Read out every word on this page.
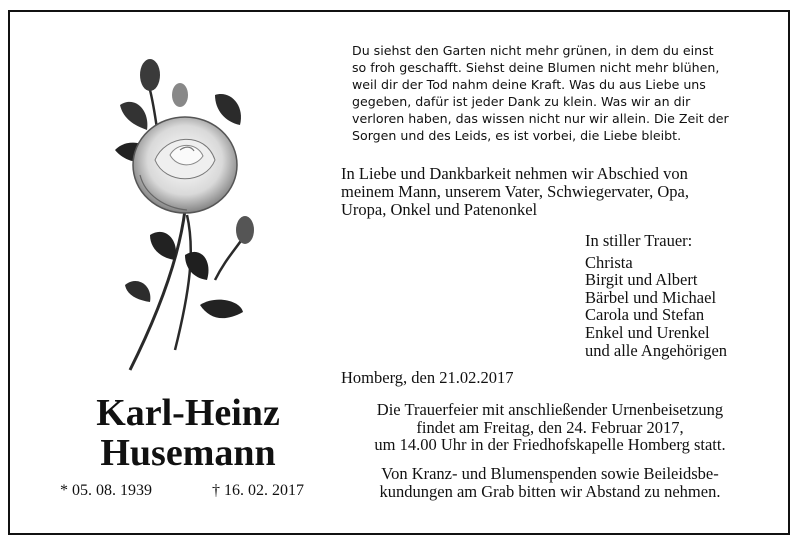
Du siehst den Garten nicht mehr grünen, in dem du einst
so froh geschafft. Siehst deine Blumen nicht mehr blühen,
weil dir der Tod nahm deine Kraft. Was du aus Liebe uns
gegeben, dafür ist jeder Dank zu klein. Was wir an dir
verloren haben, das wissen nicht nur wir allein. Die Zeit der
Sorgen und des Leids, es ist vorbei, die Liebe bleibt.
In Liebe und Dankbarkeit nehmen wir Abschied von
meinem Mann, unserem Vater, Schwiegervater, Opa,
Uropa, Onkel und Patenonkel
In stiller Trauer:
Christa
Birgit und Albert
Bärbel und Michael
Carola und Stefan
Enkel und Urenkel
und alle Angehörigen
Homberg, den 21.02.2017
Die Trauerfeier mit anschließender Urnenbeisetzung
findet am Freitag, den 24. Februar 2017,
um 14.00 Uhr in der Friedhofskapelle Homberg statt.
Von Kranz- und Blumenspenden sowie Beileidsbe-
kundungen am Grab bitten wir Abstand zu nehmen.
Karl-Heinz
Husemann
* 05. 08. 1939	† 16. 02. 2017
